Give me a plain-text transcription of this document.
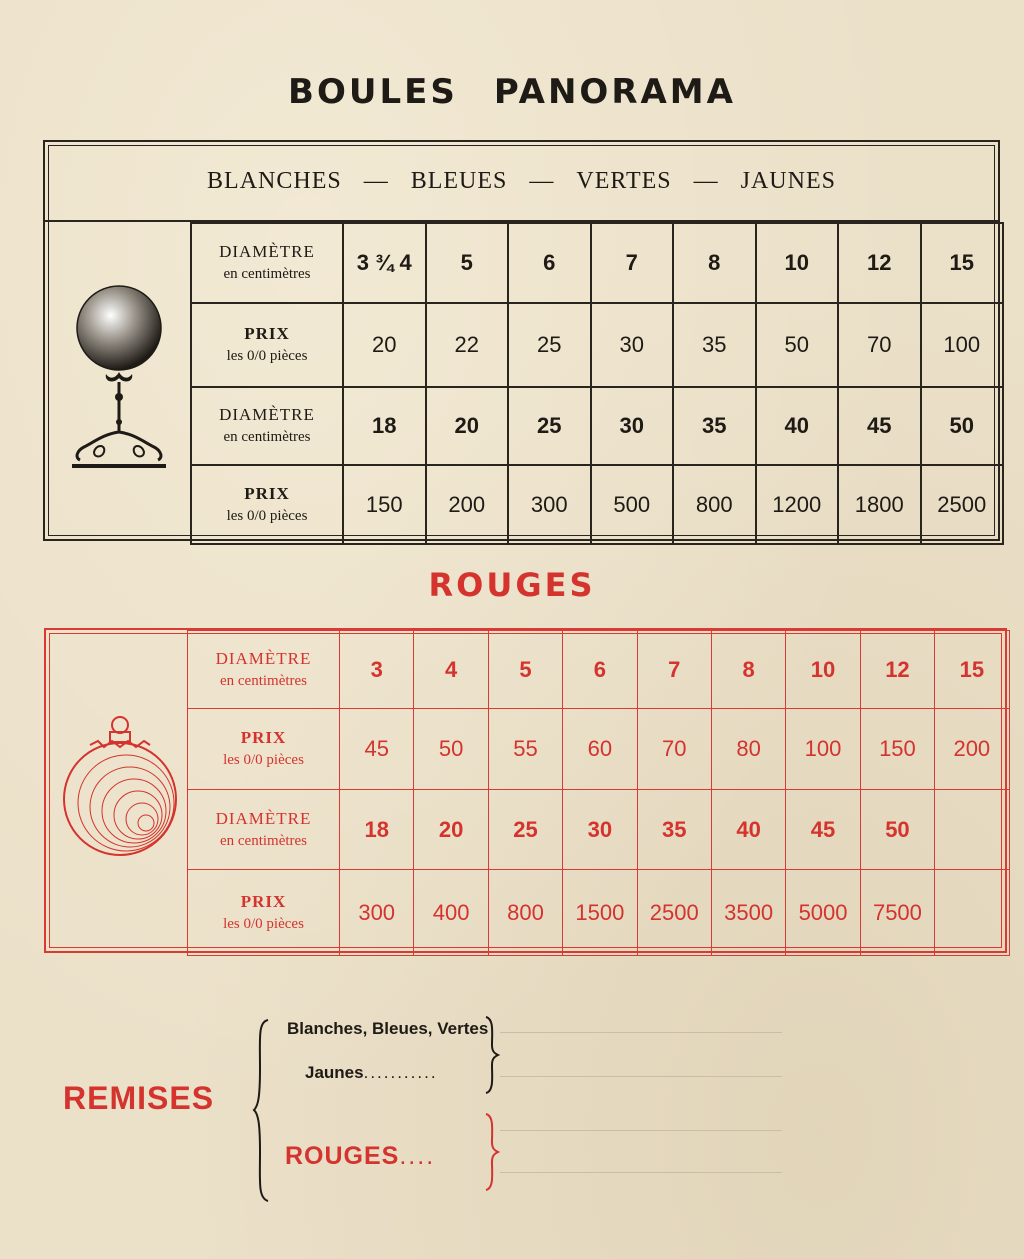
BOULES PANORAMA
BLANCHES — BLEUES — VERTES — JAUNES
DIAMÈTRE
en centimètres	3 ¾ 4	5	6	7	8	10	12	15

PRIX
les 0/0 pièces	20	22	25	30	35	50	70	100

DIAMÈTRE
en centimètres	18	20	25	30	35	40	45	50

PRIX
les 0/0 pièces	150	200	300	500	800	1200	1800	2500
ROUGES
DIAMÈTRE
en centimètres	3	4	5	6	7	8	10	12	15

PRIX
les 0/0 pièces	45	50	55	60	70	80	100	150	200

DIAMÈTRE
en centimètres	18	20	25	30	35	40	45	50	

PRIX
les 0/0 pièces	300	400	800	1500	2500	3500	5000	7500	
REMISES
Blanches, Bleues, Vertes
Jaunes...........
ROUGES....
